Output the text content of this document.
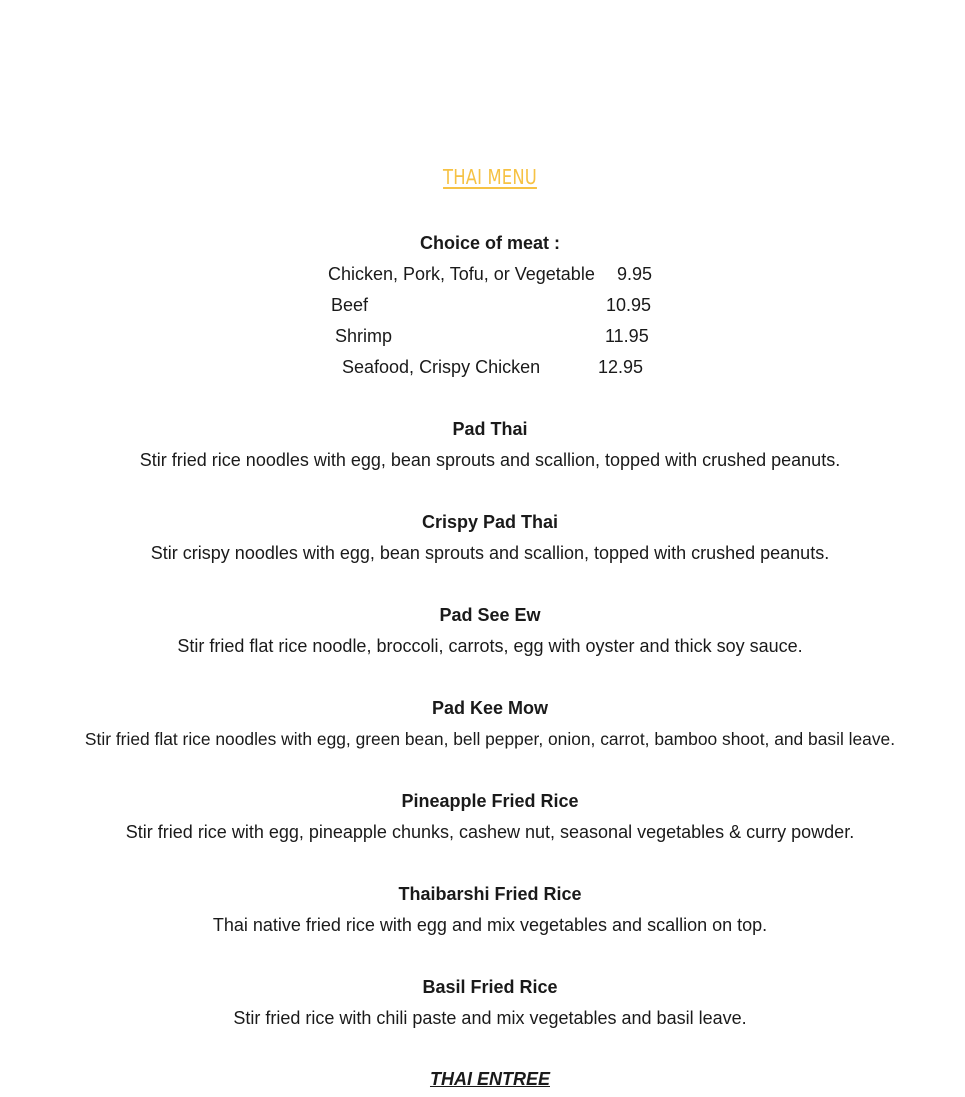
THAI MENU
Choice of meat :
Chicken, Pork, Tofu, or Vegetable 9.95
Beef	10.95
Shrimp	11.95
Seafood, Crispy Chicken	12.95
Pad Thai
Stir fried rice noodles with egg, bean sprouts and scallion, topped with crushed peanuts.
Crispy Pad Thai
Stir crispy noodles with egg, bean sprouts and scallion, topped with crushed peanuts.
Pad See Ew
Stir fried flat rice noodle, broccoli, carrots, egg with oyster and thick soy sauce.
Pad Kee Mow
Stir fried flat rice noodles with egg, green bean, bell pepper, onion, carrot, bamboo shoot, and basil leave.
Pineapple Fried Rice
Stir fried rice with egg, pineapple chunks, cashew nut, seasonal vegetables & curry powder.
Thaibarshi Fried Rice
Thai native fried rice with egg and mix vegetables and scallion on top.
Basil Fried Rice
Stir fried rice with chili paste and mix vegetables and basil leave.
THAI ENTREE
